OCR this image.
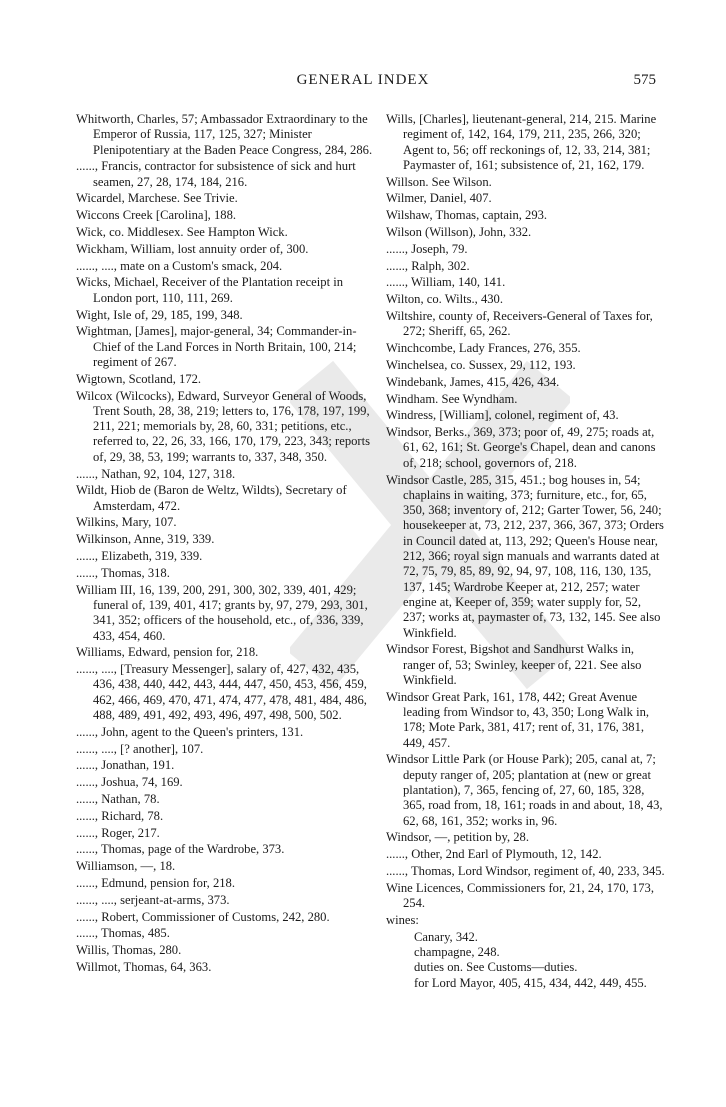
GENERAL INDEX	575

Whitworth, Charles, 57; Ambassador Extraordinary to the Emperor of Russia, 117, 125, 327; Minister Plenipotentiary at the Baden Peace Congress, 284, 286.

......, Francis, contractor for subsistence of sick and hurt seamen, 27, 28, 174, 184, 216.

Wicardel, Marchese. See Trivie.

Wiccons Creek [Carolina], 188.

Wick, co. Middlesex. See Hampton Wick.

Wickham, William, lost annuity order of, 300.

......, ...., mate on a Custom's smack, 204.

Wicks, Michael, Receiver of the Plantation receipt in London port, 110, 111, 269.

Wight, Isle of, 29, 185, 199, 348.

Wightman, [James], major-general, 34; Commander-in-Chief of the Land Forces in North Britain, 100, 214; regiment of 267.

Wigtown, Scotland, 172.

Wilcox (Wilcocks), Edward, Surveyor General of Woods, Trent South, 28, 38, 219; letters to, 176, 178, 197, 199, 211, 221; memorials by, 28, 60, 331; petitions, etc., referred to, 22, 26, 33, 166, 170, 179, 223, 343; reports of, 29, 38, 53, 199; warrants to, 337, 348, 350.

......, Nathan, 92, 104, 127, 318.

Wildt, Hiob de (Baron de Weltz, Wildts), Secretary of Amsterdam, 472.

Wilkins, Mary, 107.

Wilkinson, Anne, 319, 339.

......, Elizabeth, 319, 339.

......, Thomas, 318.

William III, 16, 139, 200, 291, 300, 302, 339, 401, 429; funeral of, 139, 401, 417; grants by, 97, 279, 293, 301, 341, 352; officers of the household, etc., of, 336, 339, 433, 454, 460.

Williams, Edward, pension for, 218.

......, ...., [Treasury Messenger], salary of, 427, 432, 435, 436, 438, 440, 442, 443, 444, 447, 450, 453, 456, 459, 462, 466, 469, 470, 471, 474, 477, 478, 481, 484, 486, 488, 489, 491, 492, 493, 496, 497, 498, 500, 502.

......, John, agent to the Queen's printers, 131.

......, ...., [? another], 107.

......, Jonathan, 191.

......, Joshua, 74, 169.

......, Nathan, 78.

......, Richard, 78.

......, Roger, 217.

......, Thomas, page of the Wardrobe, 373.

Williamson, —, 18.

......, Edmund, pension for, 218.

......, ...., serjeant-at-arms, 373.

......, Robert, Commissioner of Customs, 242, 280.

......, Thomas, 485.

Willis, Thomas, 280.

Willmot, Thomas, 64, 363.

Wills, [Charles], lieutenant-general, 214, 215. Marine regiment of, 142, 164, 179, 211, 235, 266, 320; Agent to, 56; off reckonings of, 12, 33, 214, 381; Paymaster of, 161; subsistence of, 21, 162, 179.

Willson. See Wilson.

Wilmer, Daniel, 407.

Wilshaw, Thomas, captain, 293.

Wilson (Willson), John, 332.

......, Joseph, 79.

......, Ralph, 302.

......, William, 140, 141.

Wilton, co. Wilts., 430.

Wiltshire, county of, Receivers-General of Taxes for, 272; Sheriff, 65, 262.

Winchcombe, Lady Frances, 276, 355.

Winchelsea, co. Sussex, 29, 112, 193.

Windebank, James, 415, 426, 434.

Windham. See Wyndham.

Windress, [William], colonel, regiment of, 43.

Windsor, Berks., 369, 373; poor of, 49, 275; roads at, 61, 62, 161; St. George's Chapel, dean and canons of, 218; school, governors of, 218.

Windsor Castle, 285, 315, 451.; bog houses in, 54; chaplains in waiting, 373; furniture, etc., for, 65, 350, 368; inventory of, 212; Garter Tower, 56, 240; housekeeper at, 73, 212, 237, 366, 367, 373; Orders in Council dated at, 113, 292; Queen's House near, 212, 366; royal sign manuals and warrants dated at 72, 75, 79, 85, 89, 92, 94, 97, 108, 116, 130, 135, 137, 145; Wardrobe Keeper at, 212, 257; water engine at, Keeper of, 359; water supply for, 52, 237; works at, paymaster of, 73, 132, 145. See also Winkfield.

Windsor Forest, Bigshot and Sandhurst Walks in, ranger of, 53; Swinley, keeper of, 221. See also Winkfield.

Windsor Great Park, 161, 178, 442; Great Avenue leading from Windsor to, 43, 350; Long Walk in, 178; Mote Park, 381, 417; rent of, 31, 176, 381, 449, 457.

Windsor Little Park (or House Park); 205, canal at, 7; deputy ranger of, 205; plantation at (new or great plantation), 7, 365, fencing of, 27, 60, 185, 328, 365, road from, 18, 161; roads in and about, 18, 43, 62, 68, 161, 352; works in, 96.

Windsor, —, petition by, 28.

......, Other, 2nd Earl of Plymouth, 12, 142.

......, Thomas, Lord Windsor, regiment of, 40, 233, 345.

Wine Licences, Commissioners for, 21, 24, 170, 173, 254.

wines:

Canary, 342.

champagne, 248.

duties on. See Customs—duties.

for Lord Mayor, 405, 415, 434, 442, 449, 455.
